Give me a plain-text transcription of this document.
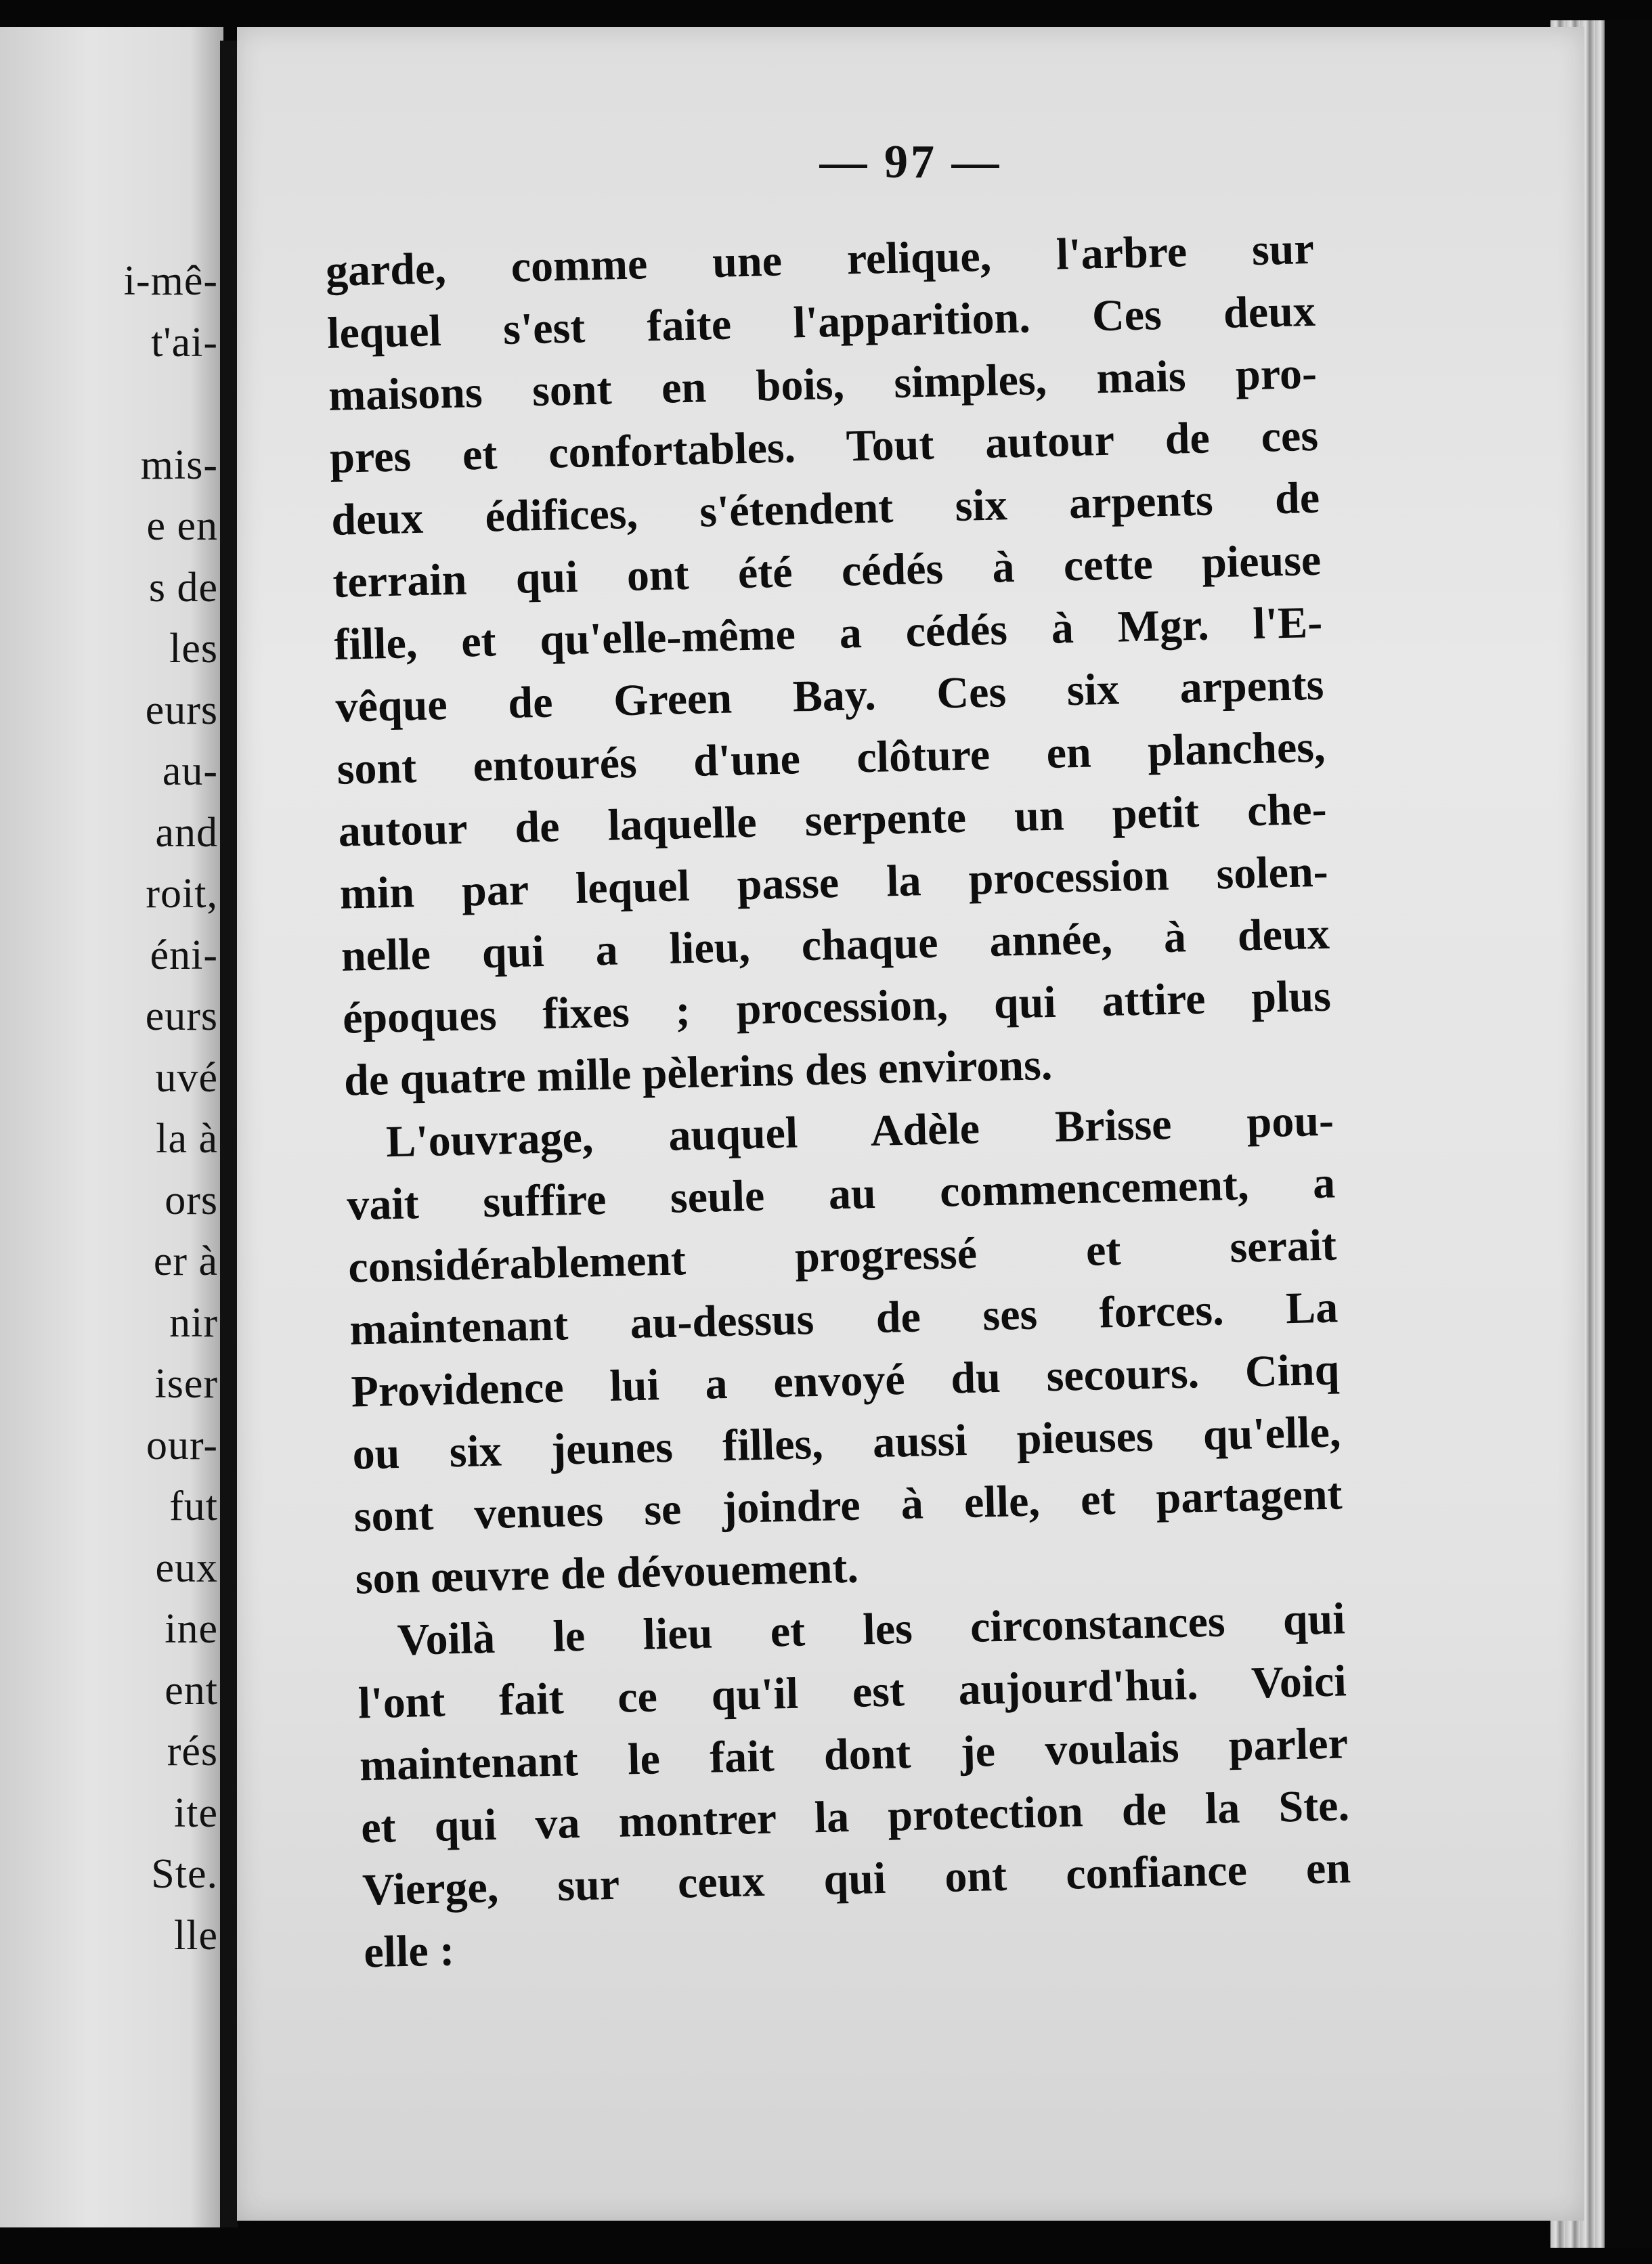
i-mê-
t'ai-

mis-
e en
s de
les
eurs
au-
and
roit,
éni-
eurs
uvé
la à
ors
er à
nir
iser
our-
fut
eux
ine
ent
rés
ite
Ste.
lle
— 97 —
garde, comme une relique, l'arbre sur
lequel s'est faite l'apparition. Ces deux
maisons sont en bois, simples, mais pro-
pres et confortables. Tout autour de ces
deux édifices, s'étendent six arpents de
terrain qui ont été cédés à cette pieuse
fille, et qu'elle-même a cédés à Mgr. l'E-
vêque de Green Bay. Ces six arpents
sont entourés d'une clôture en planches,
autour de laquelle serpente un petit che-
min par lequel passe la procession solen-
nelle qui a lieu, chaque année, à deux
époques fixes ; procession, qui attire plus
de quatre mille pèlerins des environs.
L'ouvrage, auquel Adèle Brisse pou-
vait suffire seule au commencement, a
considérablement progressé et serait
maintenant au-dessus de ses forces. La
Providence lui a envoyé du secours. Cinq
ou six jeunes filles, aussi pieuses qu'elle,
sont venues se joindre à elle, et partagent
son œuvre de dévouement.
Voilà le lieu et les circonstances qui
l'ont fait ce qu'il est aujourd'hui. Voici
maintenant le fait dont je voulais parler
et qui va montrer la protection de la Ste.
Vierge, sur ceux qui ont confiance en
elle :
